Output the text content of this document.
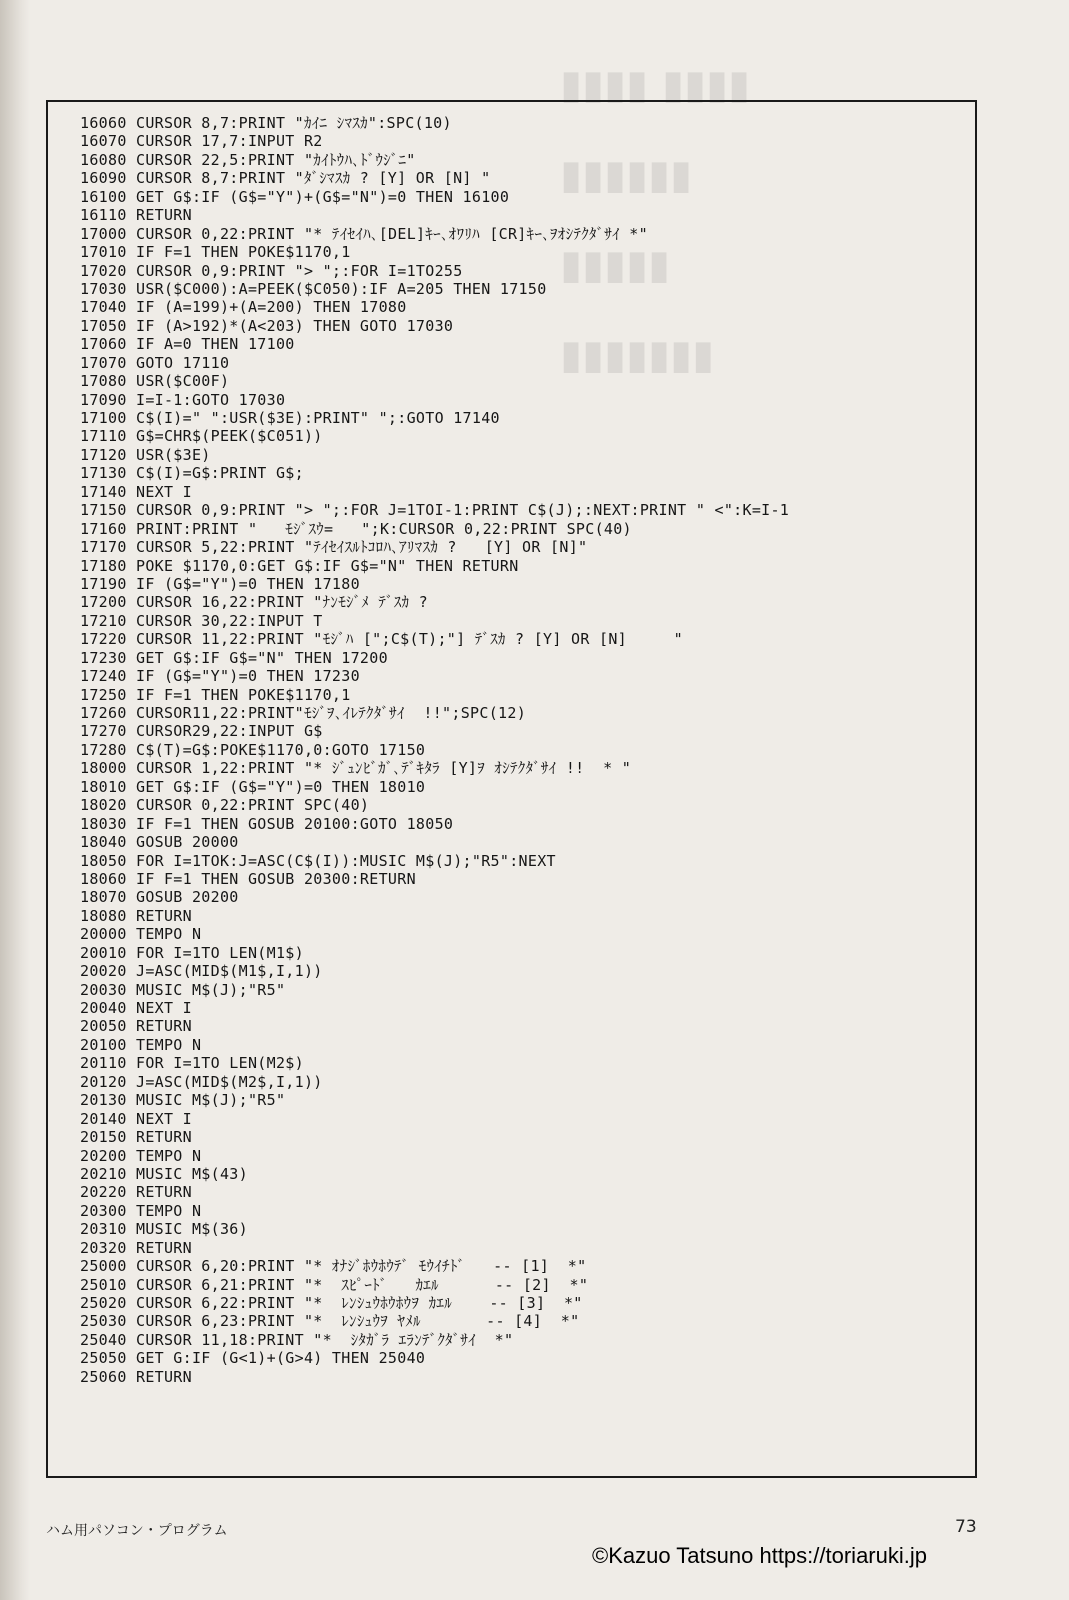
▮▮▮▮ ▮▮▮▮
▮▮▮▮▮▮
▮▮▮▮▮
▮▮▮▮▮▮▮
16060 CURSOR 8,7:PRINT "ｶｲﾆ ｼﾏｽｶ":SPC(10)
16070 CURSOR 17,7:INPUT R2
16080 CURSOR 22,5:PRINT "ｶｲﾄｳﾊ､ﾄﾞｳｼﾞﾆ"
16090 CURSOR 8,7:PRINT "ﾀﾞｼﾏｽｶ ? [Y] OR [N] "
16100 GET G$:IF (G$="Y")+(G$="N")=0 THEN 16100
16110 RETURN
17000 CURSOR 0,22:PRINT "* ﾃｲｾｲﾊ､[DEL]ｷｰ､ｵﾜﾘﾊ [CR]ｷｰ､ｦｵｼﾃｸﾀﾞｻｲ *"
17010 IF F=1 THEN POKE$1170,1
17020 CURSOR 0,9:PRINT "> ";:FOR I=1TO255
17030 USR($C000):A=PEEK($C050):IF A=205 THEN 17150
17040 IF (A=199)+(A=200) THEN 17080
17050 IF (A>192)*(A<203) THEN GOTO 17030
17060 IF A=0 THEN 17100
17070 GOTO 17110
17080 USR($C00F)
17090 I=I-1:GOTO 17030
17100 C$(I)=" ":USR($3E):PRINT" ";:GOTO 17140
17110 G$=CHR$(PEEK($C051))
17120 USR($3E)
17130 C$(I)=G$:PRINT G$;
17140 NEXT I
17150 CURSOR 0,9:PRINT "> ";:FOR J=1TOI-1:PRINT C$(J);:NEXT:PRINT " <":K=I-1
17160 PRINT:PRINT "   ﾓｼﾞｽｳ=   ";K:CURSOR 0,22:PRINT SPC(40)
17170 CURSOR 5,22:PRINT "ﾃｲｾｲｽﾙﾄｺﾛﾊ､ｱﾘﾏｽｶ ?   [Y] OR [N]"
17180 POKE $1170,0:GET G$:IF G$="N" THEN RETURN
17190 IF (G$="Y")=0 THEN 17180
17200 CURSOR 16,22:PRINT "ﾅﾝﾓｼﾞﾒ ﾃﾞｽｶ ?
17210 CURSOR 30,22:INPUT T
17220 CURSOR 11,22:PRINT "ﾓｼﾞﾊ [";C$(T);"] ﾃﾞｽｶ ? [Y] OR [N]     "
17230 GET G$:IF G$="N" THEN 17200
17240 IF (G$="Y")=0 THEN 17230
17250 IF F=1 THEN POKE$1170,1
17260 CURSOR11,22:PRINT"ﾓｼﾞｦ､ｲﾚﾃｸﾀﾞｻｲ  !!";SPC(12)
17270 CURSOR29,22:INPUT G$
17280 C$(T)=G$:POKE$1170,0:GOTO 17150
18000 CURSOR 1,22:PRINT "* ｼﾞｭﾝﾋﾞｶﾞ､ﾃﾞｷﾀﾗ [Y]ｦ ｵｼﾃｸﾀﾞｻｲ !!  * "
18010 GET G$:IF (G$="Y")=0 THEN 18010
18020 CURSOR 0,22:PRINT SPC(40)
18030 IF F=1 THEN GOSUB 20100:GOTO 18050
18040 GOSUB 20000
18050 FOR I=1TOK:J=ASC(C$(I)):MUSIC M$(J);"R5":NEXT
18060 IF F=1 THEN GOSUB 20300:RETURN
18070 GOSUB 20200
18080 RETURN
20000 TEMPO N
20010 FOR I=1TO LEN(M1$)
20020 J=ASC(MID$(M1$,I,1))
20030 MUSIC M$(J);"R5"
20040 NEXT I
20050 RETURN
20100 TEMPO N
20110 FOR I=1TO LEN(M2$)
20120 J=ASC(MID$(M2$,I,1))
20130 MUSIC M$(J);"R5"
20140 NEXT I
20150 RETURN
20200 TEMPO N
20210 MUSIC M$(43)
20220 RETURN
20300 TEMPO N
20310 MUSIC M$(36)
20320 RETURN
25000 CURSOR 6,20:PRINT "* ｵﾅｼﾞﾎｳﾎｳﾃﾞ ﾓｳｲﾁﾄﾞ   -- [1]  *"
25010 CURSOR 6,21:PRINT "*  ｽﾋﾟｰﾄﾞ   ｶｴﾙ      -- [2]  *"
25020 CURSOR 6,22:PRINT "*  ﾚﾝｼｭｳﾎｳﾎｳｦ ｶｴﾙ    -- [3]  *"
25030 CURSOR 6,23:PRINT "*  ﾚﾝｼｭｳｦ ﾔﾒﾙ       -- [4]  *"
25040 CURSOR 11,18:PRINT "*  ｼﾀｶﾞﾗ ｴﾗﾝﾃﾞｸﾀﾞｻｲ  *"
25050 GET G:IF (G<1)+(G>4) THEN 25040
25060 RETURN
ハム用パソコン・プログラム	73
©Kazuo Tatsuno https://toriaruki.jp
